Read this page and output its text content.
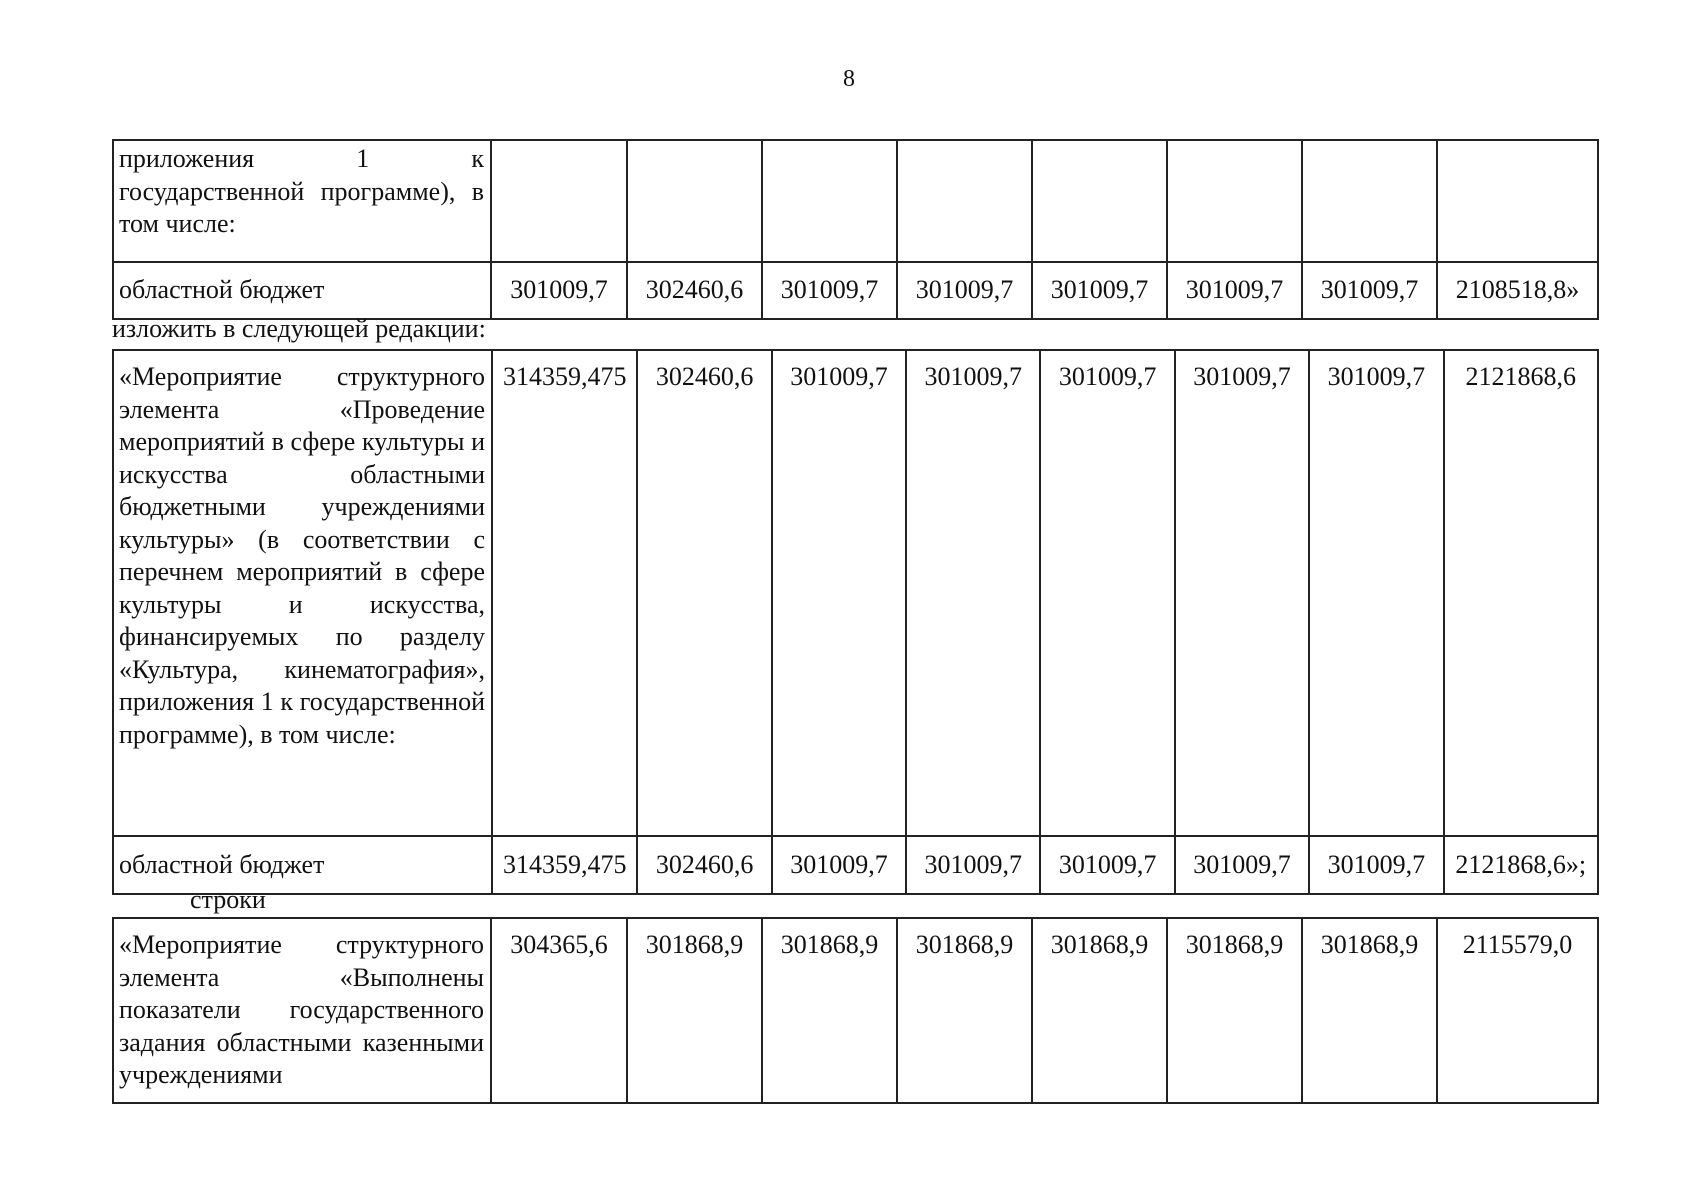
8
приложения 1 к государственной программе), в том числе:								
областной бюджет	301009,7	302460,6	301009,7	301009,7	301009,7	301009,7	301009,7	2108518,8»
изложить в следующей редакции:
«Мероприятие структурного элемента «Проведение мероприятий в сфере культуры и искусства областными бюджетными учреждениями культуры» (в соответствии с перечнем мероприятий в сфере культуры и искусства, финансируемых по разделу «Культура, кинематография», приложения 1 к государственной программе), в том числе:	314359,475	302460,6	301009,7	301009,7	301009,7	301009,7	301009,7	2121868,6
областной бюджет	314359,475	302460,6	301009,7	301009,7	301009,7	301009,7	301009,7	2121868,6»;
строки
«Мероприятие структурного элемента «Выполнены показатели государственного задания областными казенными учреждениями	304365,6	301868,9	301868,9	301868,9	301868,9	301868,9	301868,9	2115579,0
